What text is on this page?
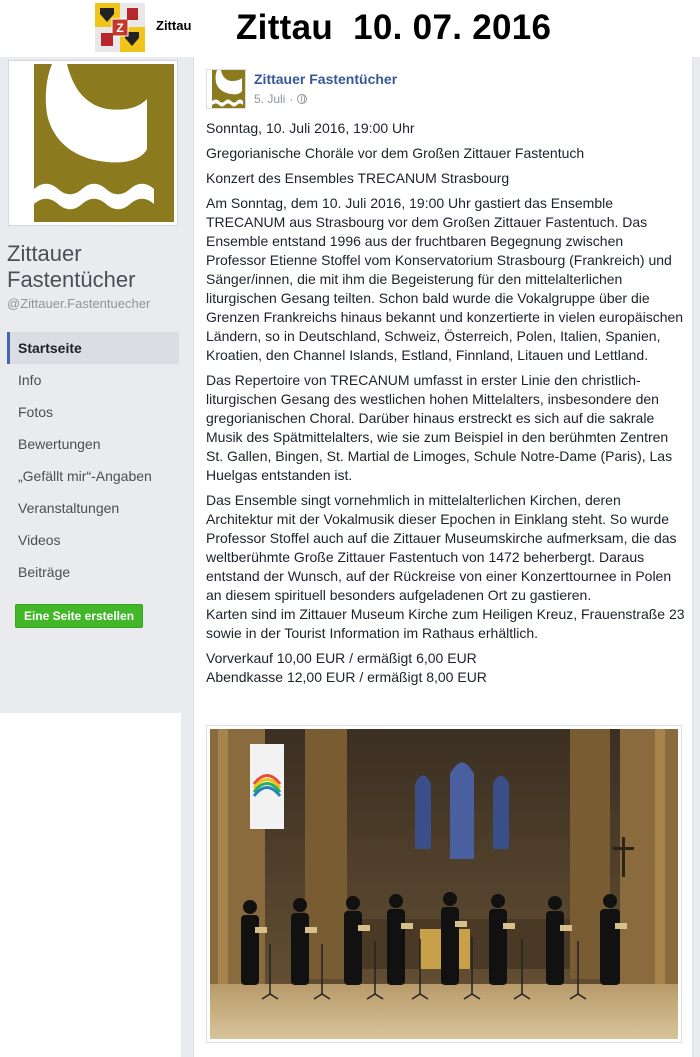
Z Zittau Zittau  10. 07. 2016
Zittauer Fastentücher
@Zittauer.Fastentuecher
Startseite
Info
Fotos
Bewertungen
„Gefällt mir“-Angaben
Veranstaltungen
Videos
Beiträge
Eine Seite erstellen
Zittauer Fastentücher
5. Juli ·

Sonntag, 10. Juli 2016, 19:00 Uhr

Gregorianische Choräle vor dem Großen Zittauer Fastentuch

Konzert des Ensembles TRECANUM Strasbourg

Am Sonntag, dem 10. Juli 2016, 19:00 Uhr gastiert das Ensemble TRECANUM aus Strasbourg vor dem Großen Zittauer Fastentuch. Das Ensemble entstand 1996 aus der fruchtbaren Begegnung zwischen Professor Etienne Stoffel vom Konservatorium Strasbourg (Frankreich) und Sänger/innen, die mit ihm die Begeisterung für den mittelalterlichen liturgischen Gesang teilten. Schon bald wurde die Vokalgruppe über die Grenzen Frankreichs hinaus bekannt und konzertierte in vielen europäischen Ländern, so in Deutschland, Schweiz, Österreich, Polen, Italien, Spanien, Kroatien, den Channel Islands, Estland, Finnland, Litauen und Lettland.

Das Repertoire von TRECANUM umfasst in erster Linie den christlich-liturgischen Gesang des westlichen hohen Mittelalters, insbesondere den gregorianischen Choral. Darüber hinaus erstreckt es sich auf die sakrale Musik des Spätmittelalters, wie sie zum Beispiel in den berühmten Zentren St. Gallen, Bingen, St. Martial de Limoges, Schule Notre-Dame (Paris), Las Huelgas entstanden ist.

Das Ensemble singt vornehmlich in mittelalterlichen Kirchen, deren Architektur mit der Vokalmusik dieser Epochen in Einklang steht. So wurde Professor Stoffel auch auf die Zittauer Museumskirche aufmerksam, die das weltberühmte Große Zittauer Fastentuch von 1472 beherbergt. Daraus entstand der Wunsch, auf der Rückreise von einer Konzerttournee in Polen an diesem spirituell besonders aufgeladenen Ort zu gastieren.

Karten sind im Zittauer Museum Kirche zum Heiligen Kreuz, Frauenstraße 23 sowie in der Tourist Information im Rathaus erhältlich.

Vorverkauf 10,00 EUR / ermäßigt 6,00 EUR

Abendkasse 12,00 EUR / ermäßigt 8,00 EUR
